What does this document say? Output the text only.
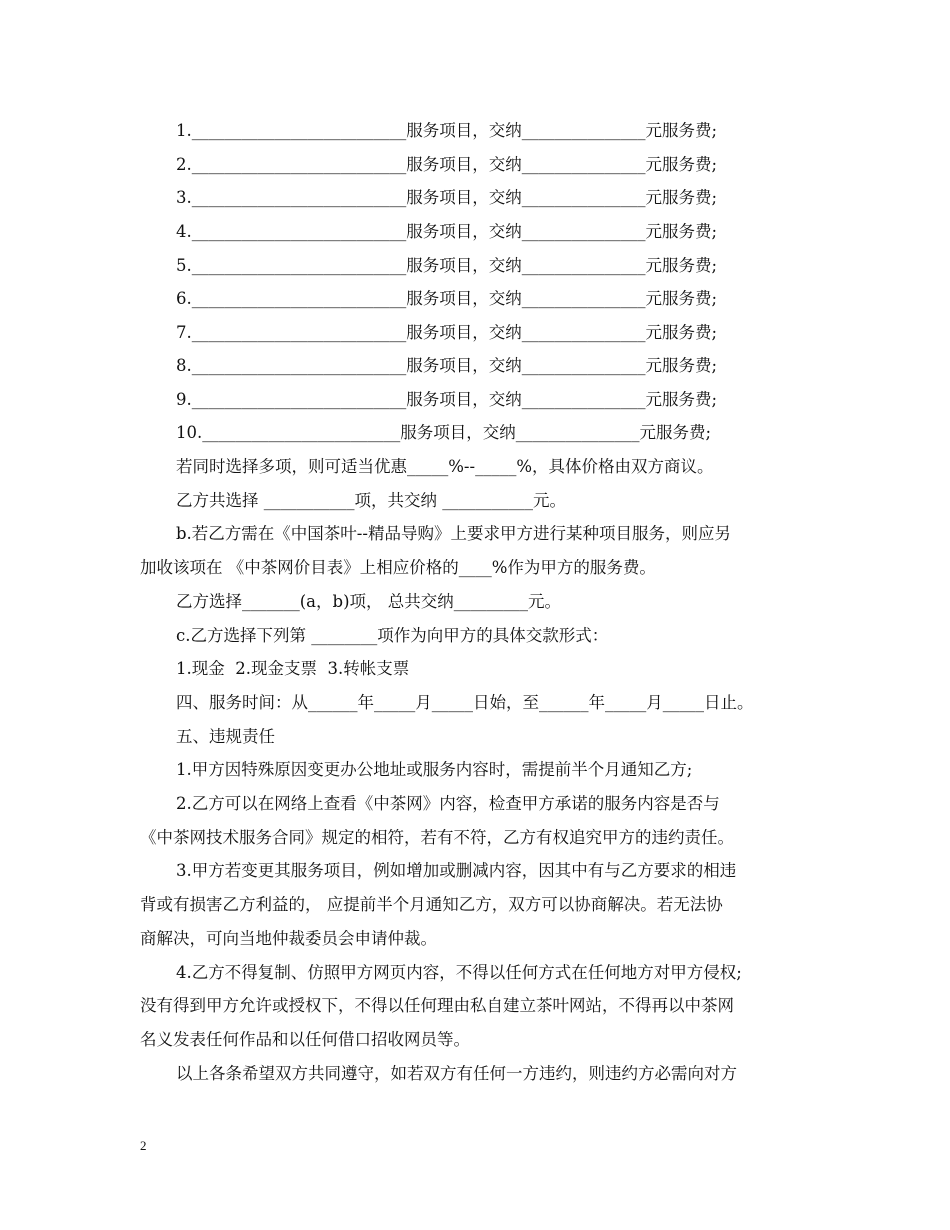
1.__________________________服务项目，交纳_______________元服务费;
2.__________________________服务项目，交纳_______________元服务费;
3.__________________________服务项目，交纳_______________元服务费;
4.__________________________服务项目，交纳_______________元服务费;
5.__________________________服务项目，交纳_______________元服务费;
6.__________________________服务项目，交纳_______________元服务费;
7.__________________________服务项目，交纳_______________元服务费;
8.__________________________服务项目，交纳_______________元服务费;
9.__________________________服务项目，交纳_______________元服务费;
10.________________________服务项目，交纳_______________元服务费;
若同时选择多项，则可适当优惠_____%--_____%，具体价格由双方商议。
乙方共选择 ___________项，共交纳 ___________元。
b.若乙方需在《中国茶叶--精品导购》上要求甲方进行某种项目服务，则应另
加收该项在 《中茶网价目表》上相应价格的____%作为甲方的服务费。
乙方选择_______(a，b)项， 总共交纳_________元。
c.乙方选择下列第 ________项作为向甲方的具体交款形式：
1.现金  2.现金支票  3.转帐支票
四、服务时间：从______年_____月_____日始，至______年_____月_____日止。
五、违规责任
1.甲方因特殊原因变更办公地址或服务内容时，需提前半个月通知乙方;
2.乙方可以在网络上查看《中茶网》内容，检查甲方承诺的服务内容是否与
《中茶网技术服务合同》规定的相符，若有不符，乙方有权追究甲方的违约责任。
3.甲方若变更其服务项目，例如增加或删减内容，因其中有与乙方要求的相违
背或有损害乙方利益的， 应提前半个月通知乙方，双方可以协商解决。若无法协
商解决，可向当地仲裁委员会申请仲裁。
4.乙方不得复制、仿照甲方网页内容，不得以任何方式在任何地方对甲方侵权;
没有得到甲方允许或授权下，不得以任何理由私自建立茶叶网站，不得再以中茶网
名义发表任何作品和以任何借口招收网员等。
以上各条希望双方共同遵守，如若双方有任何一方违约，则违约方必需向对方
2
